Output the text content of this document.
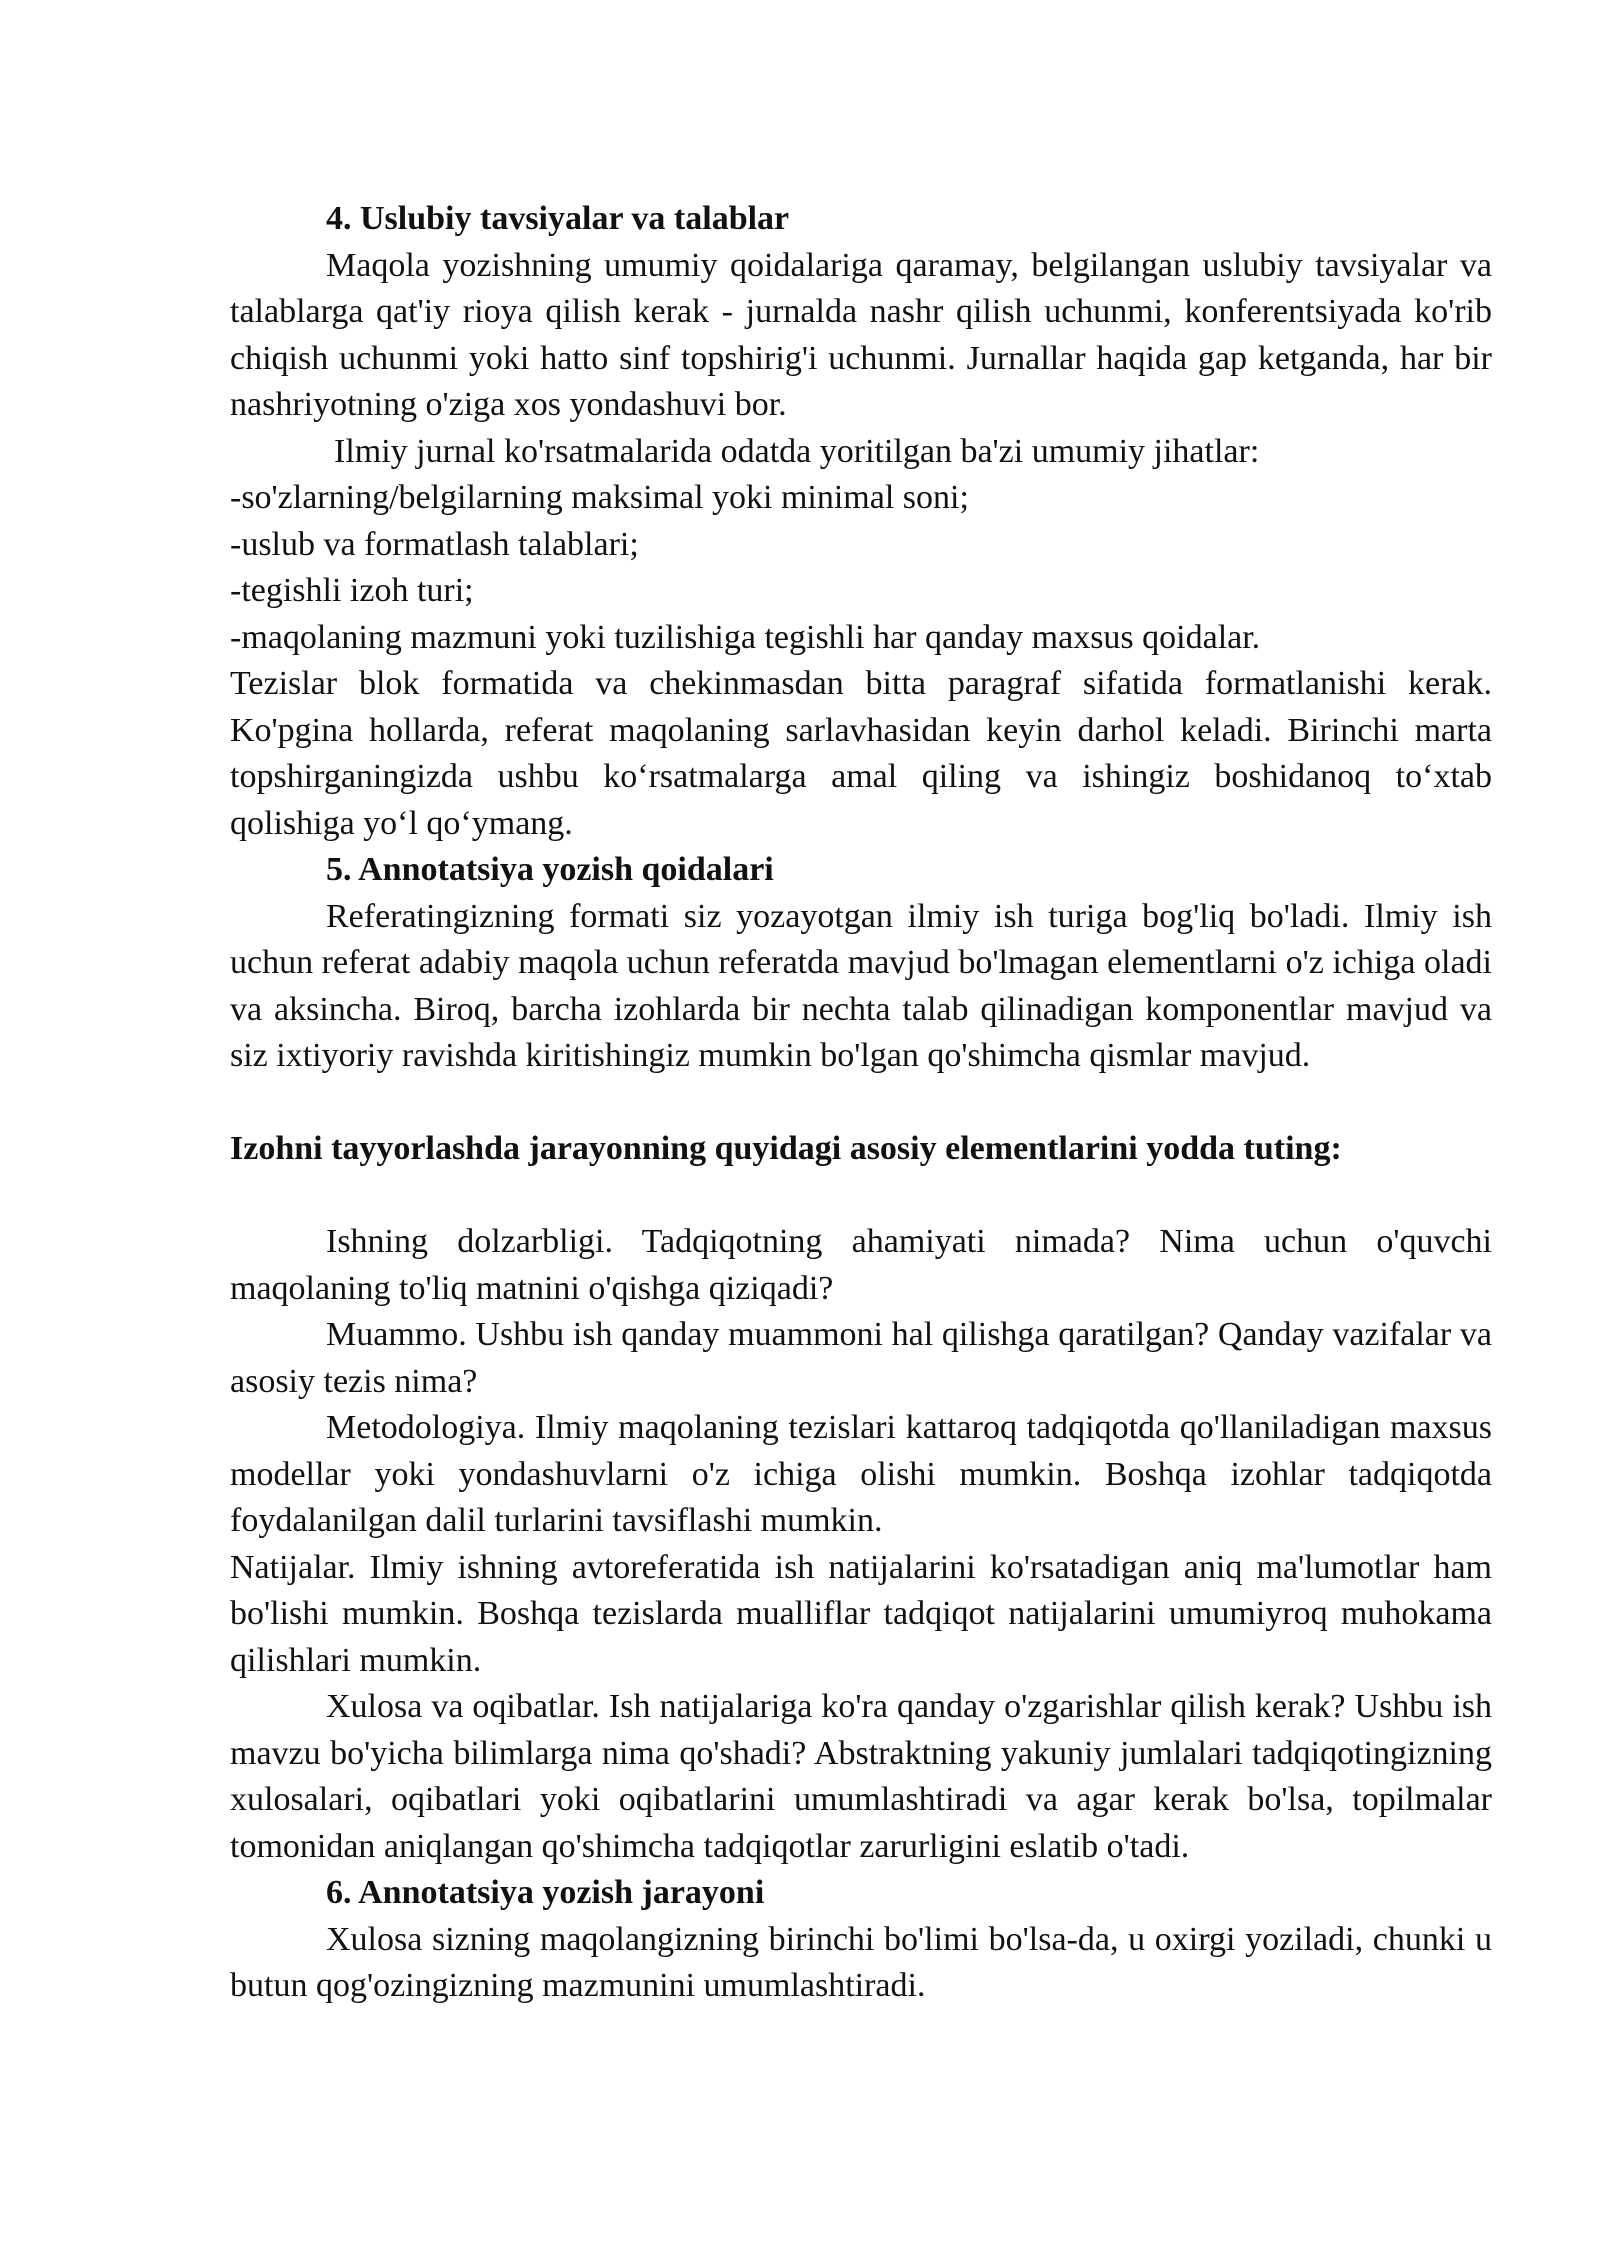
4. Uslubiy tavsiyalar va talablar

Maqola yozishning umumiy qoidalariga qaramay, belgilangan uslubiy tavsiyalar va talablarga qat'iy rioya qilish kerak - jurnalda nashr qilish uchunmi, konferentsiyada ko'rib chiqish uchunmi yoki hatto sinf topshirig'i uchunmi. Jurnallar haqida gap ketganda, har bir nashriyotning o'ziga xos yondashuvi bor.

Ilmiy jurnal ko'rsatmalarida odatda yoritilgan ba'zi umumiy jihatlar:

-so'zlarning/belgilarning maksimal yoki minimal soni;

-uslub va formatlash talablari;

-tegishli izoh turi;

-maqolaning mazmuni yoki tuzilishiga tegishli har qanday maxsus qoidalar.

Tezislar blok formatida va chekinmasdan bitta paragraf sifatida formatlanishi kerak. Ko'pgina hollarda, referat maqolaning sarlavhasidan keyin darhol keladi. Birinchi marta topshirganingizda ushbu ko‘rsatmalarga amal qiling va ishingiz boshidanoq to‘xtab qolishiga yo‘l qo‘ymang.

5. Annotatsiya yozish qoidalari

Referatingizning formati siz yozayotgan ilmiy ish turiga bog'liq bo'ladi. Ilmiy ish uchun referat adabiy maqola uchun referatda mavjud bo'lmagan elementlarni o'z ichiga oladi va aksincha. Biroq, barcha izohlarda bir nechta talab qilinadigan komponentlar mavjud va siz ixtiyoriy ravishda kiritishingiz mumkin bo'lgan qo'shimcha qismlar mavjud.

Izohni tayyorlashda jarayonning quyidagi asosiy elementlarini yodda tuting:

Ishning dolzarbligi. Tadqiqotning ahamiyati nimada? Nima uchun o'quvchi maqolaning to'liq matnini o'qishga qiziqadi?

Muammo. Ushbu ish qanday muammoni hal qilishga qaratilgan? Qanday vazifalar va asosiy tezis nima?

Metodologiya. Ilmiy maqolaning tezislari kattaroq tadqiqotda qo'llaniladigan maxsus modellar yoki yondashuvlarni o'z ichiga olishi mumkin. Boshqa izohlar tadqiqotda foydalanilgan dalil turlarini tavsiflashi mumkin.

Natijalar. Ilmiy ishning avtoreferatida ish natijalarini ko'rsatadigan aniq ma'lumotlar ham bo'lishi mumkin. Boshqa tezislarda mualliflar tadqiqot natijalarini umumiyroq muhokama qilishlari mumkin.

Xulosa va oqibatlar. Ish natijalariga ko'ra qanday o'zgarishlar qilish kerak? Ushbu ish mavzu bo'yicha bilimlarga nima qo'shadi? Abstraktning yakuniy jumlalari tadqiqotingizning xulosalari, oqibatlari yoki oqibatlarini umumlashtiradi va agar kerak bo'lsa, topilmalar tomonidan aniqlangan qo'shimcha tadqiqotlar zarurligini eslatib o'tadi.

6. Annotatsiya yozish jarayoni

Xulosa sizning maqolangizning birinchi bo'limi bo'lsa-da, u oxirgi yoziladi, chunki u butun qog'ozingizning mazmunini umumlashtiradi.
